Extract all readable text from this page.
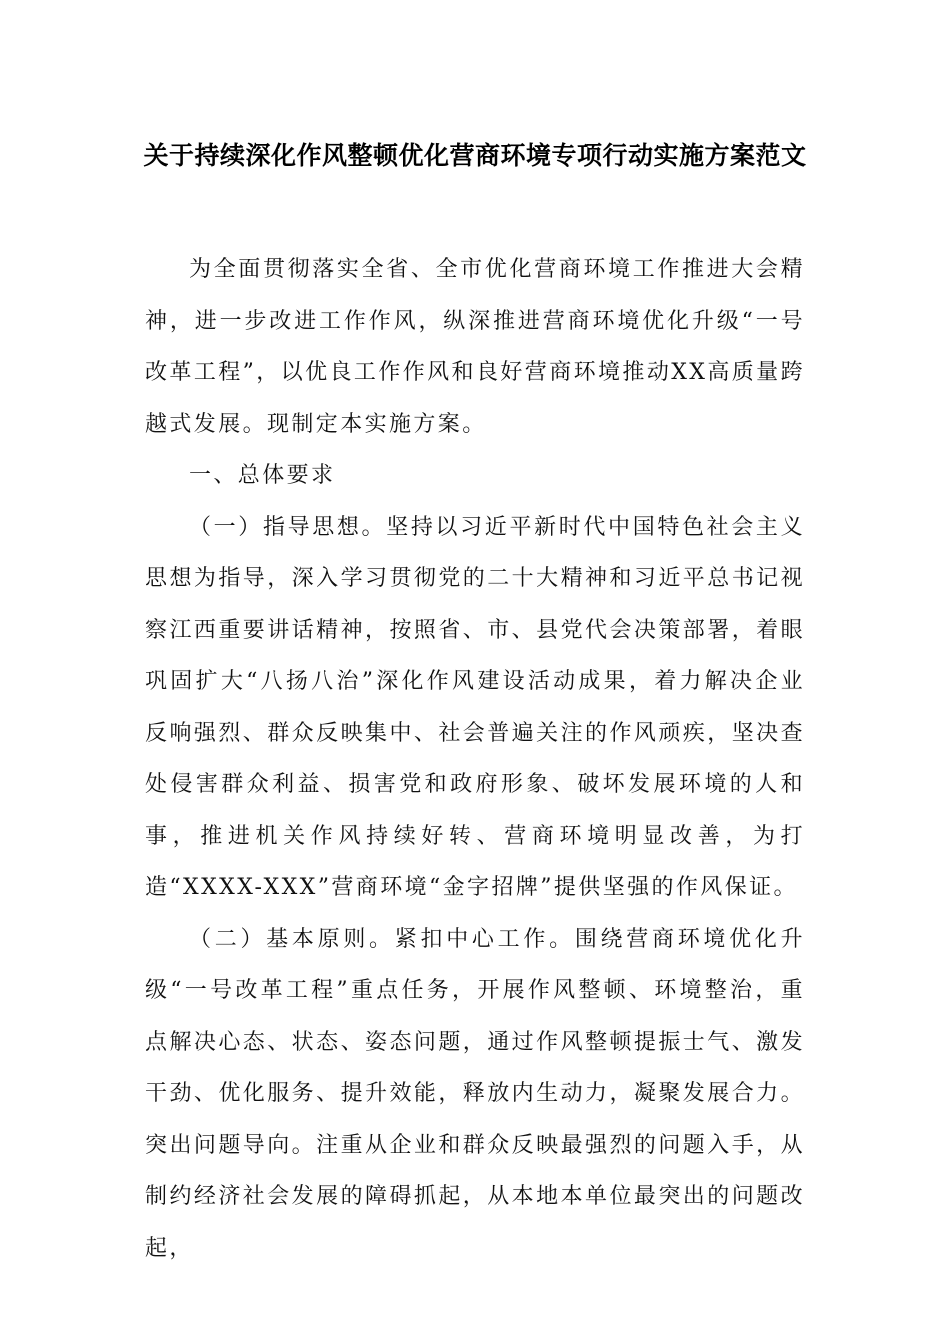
关于持续深化作风整顿优化营商环境专项行动实施方案范文

为全面贯彻落实全省、全市优化营商环境工作推进大会精神，进一步改进工作作风，纵深推进营商环境优化升级“一号改革工程”，以优良工作作风和良好营商环境推动XX高质量跨越式发展。现制定本实施方案。

一、总体要求

（一）指导思想。坚持以习近平新时代中国特色社会主义思想为指导，深入学习贯彻党的二十大精神和习近平总书记视察江西重要讲话精神，按照省、市、县党代会决策部署，着眼巩固扩大“八扬八治”深化作风建设活动成果，着力解决企业反响强烈、群众反映集中、社会普遍关注的作风顽疾，坚决查处侵害群众利益、损害党和政府形象、破坏发展环境的人和事，推进机关作风持续好转、营商环境明显改善，为打造“XXXX-XXX”营商环境“金字招牌”提供坚强的作风保证。

（二）基本原则。紧扣中心工作。围绕营商环境优化升级“一号改革工程”重点任务，开展作风整顿、环境整治，重点解决心态、状态、姿态问题，通过作风整顿提振士气、激发干劲、优化服务、提升效能，释放内生动力，凝聚发展合力。突出问题导向。注重从企业和群众反映最强烈的问题入手，从制约经济社会发展的障碍抓起，从本地本单位最突出的问题改起，
